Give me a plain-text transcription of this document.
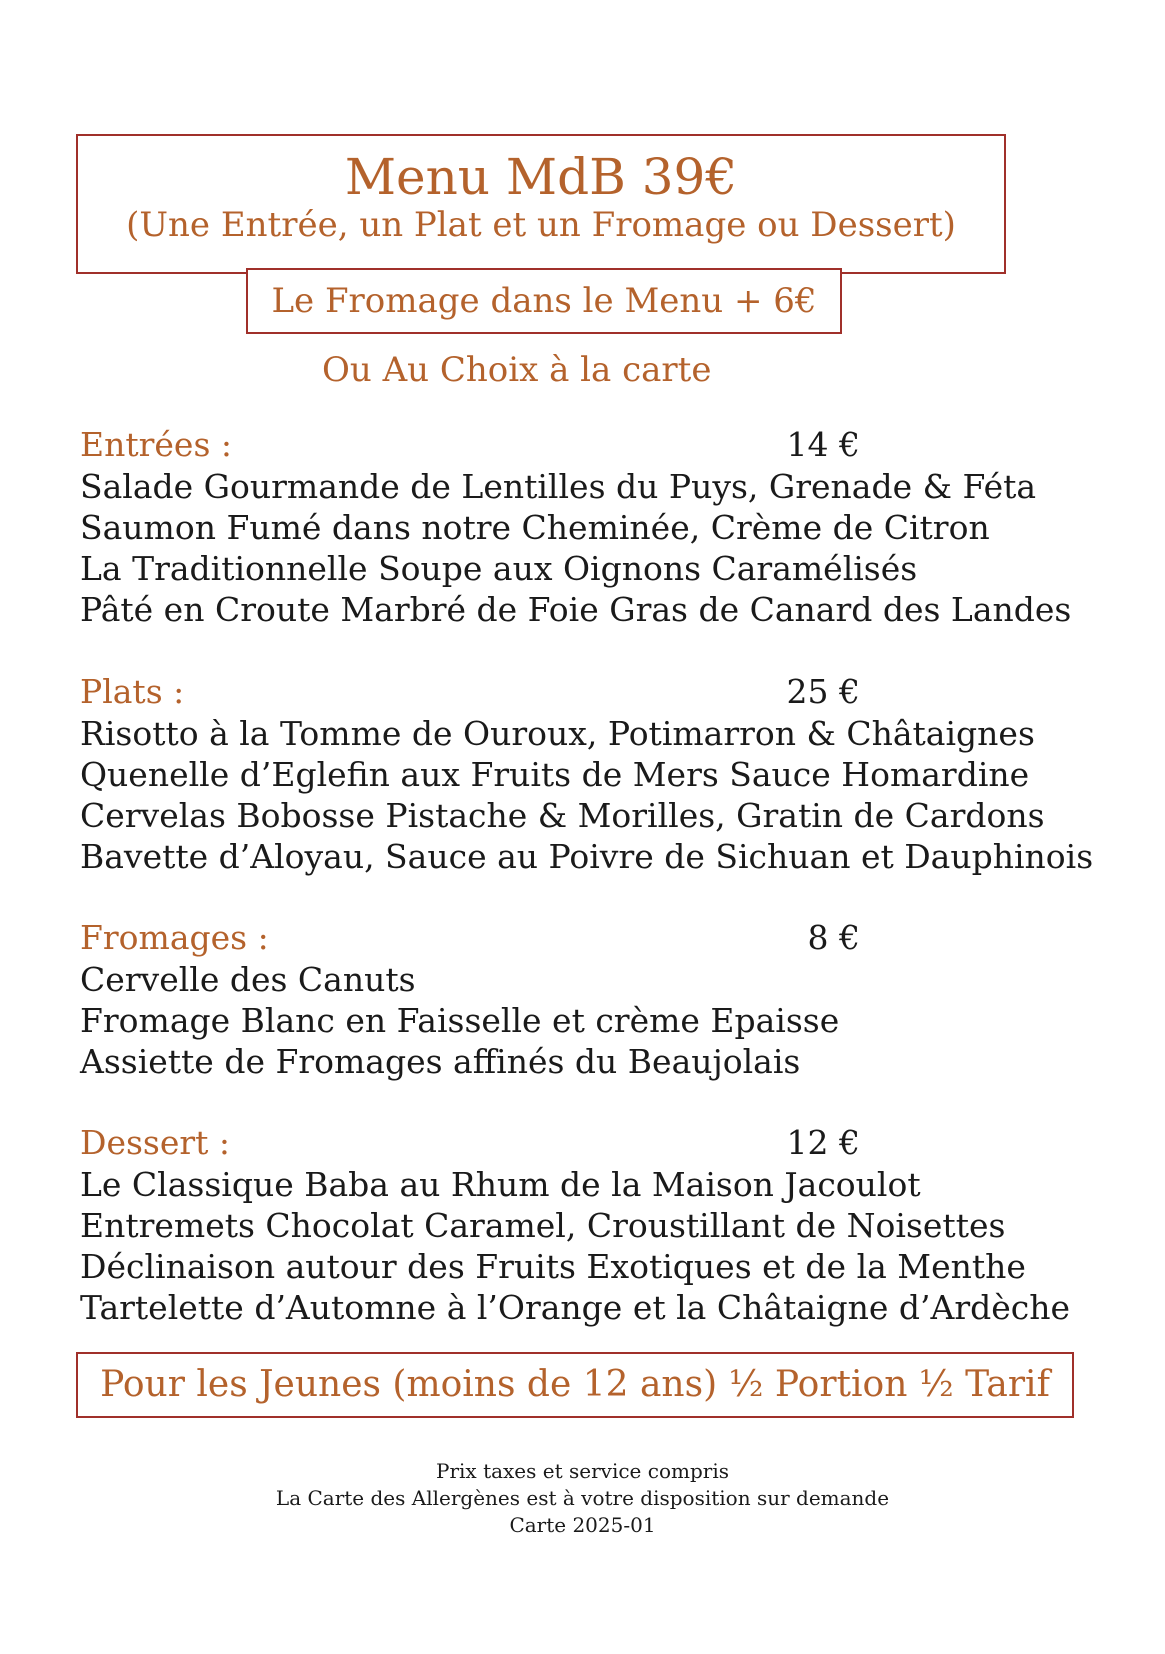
Menu MdB 39€
(Une Entrée, un Plat et un Fromage ou Dessert)
Le Fromage dans le Menu + 6€
Ou Au Choix à la carte
Entrées :	14 €
Salade Gourmande de Lentilles du Puys, Grenade & Féta
Saumon Fumé dans notre Cheminée, Crème de Citron
La Traditionnelle Soupe aux Oignons Caramélisés
Pâté en Croute Marbré de Foie Gras de Canard des Landes
Plats :	25 €
Risotto à la Tomme de Ouroux, Potimarron & Châtaignes
Quenelle d’Eglefin aux Fruits de Mers Sauce Homardine
Cervelas Bobosse Pistache & Morilles, Gratin de Cardons
Bavette d’Aloyau, Sauce au Poivre de Sichuan et Dauphinois
Fromages :	8 €
Cervelle des Canuts
Fromage Blanc en Faisselle et crème Epaisse
Assiette de Fromages affinés du Beaujolais
Dessert :	12 €
Le Classique Baba au Rhum de la Maison Jacoulot
Entremets Chocolat Caramel, Croustillant de Noisettes
Déclinaison autour des Fruits Exotiques et de la Menthe
Tartelette d’Automne à l’Orange et la Châtaigne d’Ardèche
Pour les Jeunes (moins de 12 ans) ½ Portion ½ Tarif
Prix taxes et service compris
La Carte des Allergènes est à votre disposition sur demande
Carte 2025-01
